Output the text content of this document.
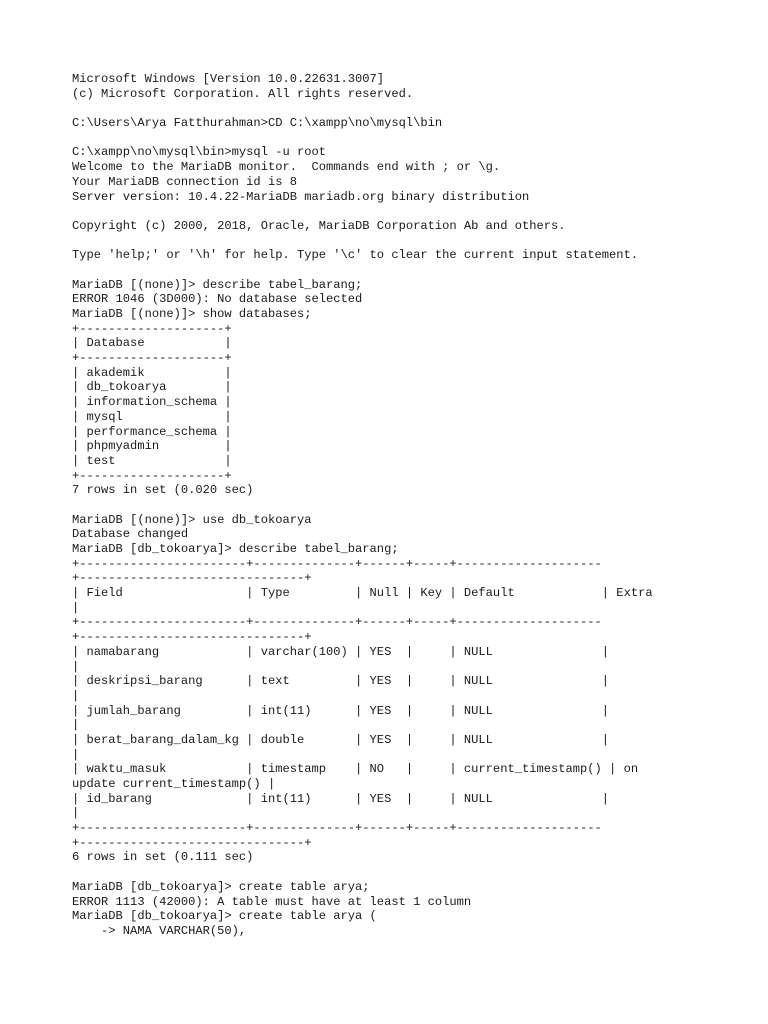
Microsoft Windows [Version 10.0.22631.3007]
(c) Microsoft Corporation. All rights reserved.
C:\Users\Arya Fatthurahman>CD C:\xampp\no\mysql\bin
C:\xampp\no\mysql\bin>mysql -u root
Welcome to the MariaDB monitor.  Commands end with ; or \g.
Your MariaDB connection id is 8
Server version: 10.4.22-MariaDB mariadb.org binary distribution
Copyright (c) 2000, 2018, Oracle, MariaDB Corporation Ab and others.
Type 'help;' or '\h' for help. Type '\c' to clear the current input statement.
MariaDB [(none)]> describe tabel_barang;
ERROR 1046 (3D000): No database selected
MariaDB [(none)]> show databases;
+--------------------+
| Database           |
+--------------------+
| akademik           |
| db_tokoarya        |
| information_schema |
| mysql              |
| performance_schema |
| phpmyadmin         |
| test               |
+--------------------+
7 rows in set (0.020 sec)
MariaDB [(none)]> use db_tokoarya
Database changed
MariaDB [db_tokoarya]> describe tabel_barang;
+-----------------------+--------------+------+-----+--------------------
+-------------------------------+
| Field                 | Type         | Null | Key | Default            | Extra
|
+-----------------------+--------------+------+-----+--------------------
+-------------------------------+
| namabarang            | varchar(100) | YES  |     | NULL               |
|
| deskripsi_barang      | text         | YES  |     | NULL               |
|
| jumlah_barang         | int(11)      | YES  |     | NULL               |
|
| berat_barang_dalam_kg | double       | YES  |     | NULL               |
|
| waktu_masuk           | timestamp    | NO   |     | current_timestamp() | on
update current_timestamp() |
| id_barang             | int(11)      | YES  |     | NULL               |
|
+-----------------------+--------------+------+-----+--------------------
+-------------------------------+
6 rows in set (0.111 sec)
MariaDB [db_tokoarya]> create table arya;
ERROR 1113 (42000): A table must have at least 1 column
MariaDB [db_tokoarya]> create table arya (
-> NAMA VARCHAR(50),
